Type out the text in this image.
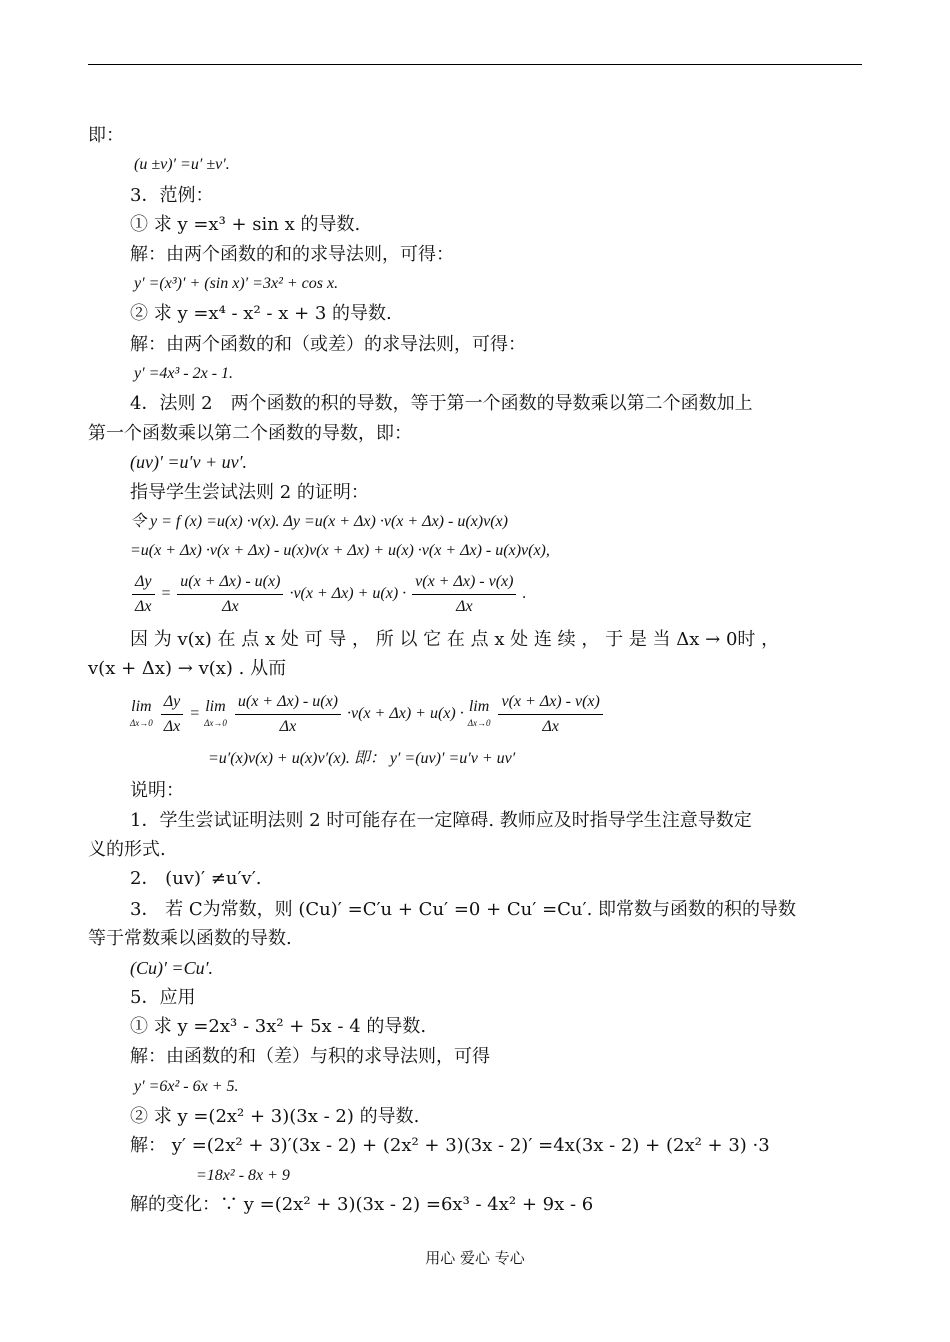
即：
(u ±v)′ =u′ ±v′.
3．范例：
① 求 y =x³ + sin x 的导数.
解：由两个函数的和的求导法则，可得：
y′ =(x³)′ + (sin x)′ =3x² + cos x.
② 求 y =x⁴ - x² - x + 3 的导数.
解：由两个函数的和（或差）的求导法则，可得：
y′ =4x³ - 2x - 1.
4．法则 2　两个函数的积的导数，等于第一个函数的导数乘以第二个函数加上
第一个函数乘以第二个函数的导数，即：
(uv)′ =u′v + uv′.
指导学生尝试法则 2 的证明：
令 y = f (x) =u(x) ·v(x). Δy =u(x + Δx) ·v(x + Δx) - u(x)v(x)
=u(x + Δx) ·v(x + Δx) - u(x)v(x + Δx) + u(x) ·v(x + Δx) - u(x)v(x),
$\frac{\Delta y}{\Delta x} = \frac{u(x + \Delta x) - u(x)}{\Delta x} \cdot v(x + \Delta x) + u(x) \cdot \frac{v(x + \Delta x) - v(x)}{\Delta x}$ .
因 为 v(x) 在 点 x 处 可 导 ， 所 以 它 在 点 x 处 连 续 ， 于 是 当 Δx → 0时 ，
v(x + Δx) → v(x) . 从而
lim
Δx→0
$\frac{\Delta y}{\Delta x} = \lim$
Δx→0
$\frac{u(x + \Delta x) - u(x)}{\Delta x} \cdot v(x + \Delta x) + u(x) \cdot \lim$
Δx→0
$\frac{v(x + \Delta x) - v(x)}{\Delta x}$
=u′(x)v(x) + u(x)v′(x). 即： y′ =(uv)′ =u′v + uv′
说明：
1．学生尝试证明法则 2 时可能存在一定障碍. 教师应及时指导学生注意导数定
义的形式.
2． (uv)′ ≠u′v′.
3． 若 C为常数，则 (Cu)′ =C′u + Cu′ =0 + Cu′ =Cu′. 即常数与函数的积的导数
等于常数乘以函数的导数.
(Cu)′ =Cu′.
5．应用
① 求 y =2x³ - 3x² + 5x - 4 的导数.
解：由函数的和（差）与积的求导法则，可得
y′ =6x² - 6x + 5.
② 求 y =(2x² + 3)(3x - 2) 的导数.
解： y′ =(2x² + 3)′(3x - 2) + (2x² + 3)(3x - 2)′ =4x(3x - 2) + (2x² + 3) ·3
=18x² - 8x + 9
解的变化：∵ y =(2x² + 3)(3x - 2) =6x³ - 4x² + 9x - 6
用心 爱心 专心
